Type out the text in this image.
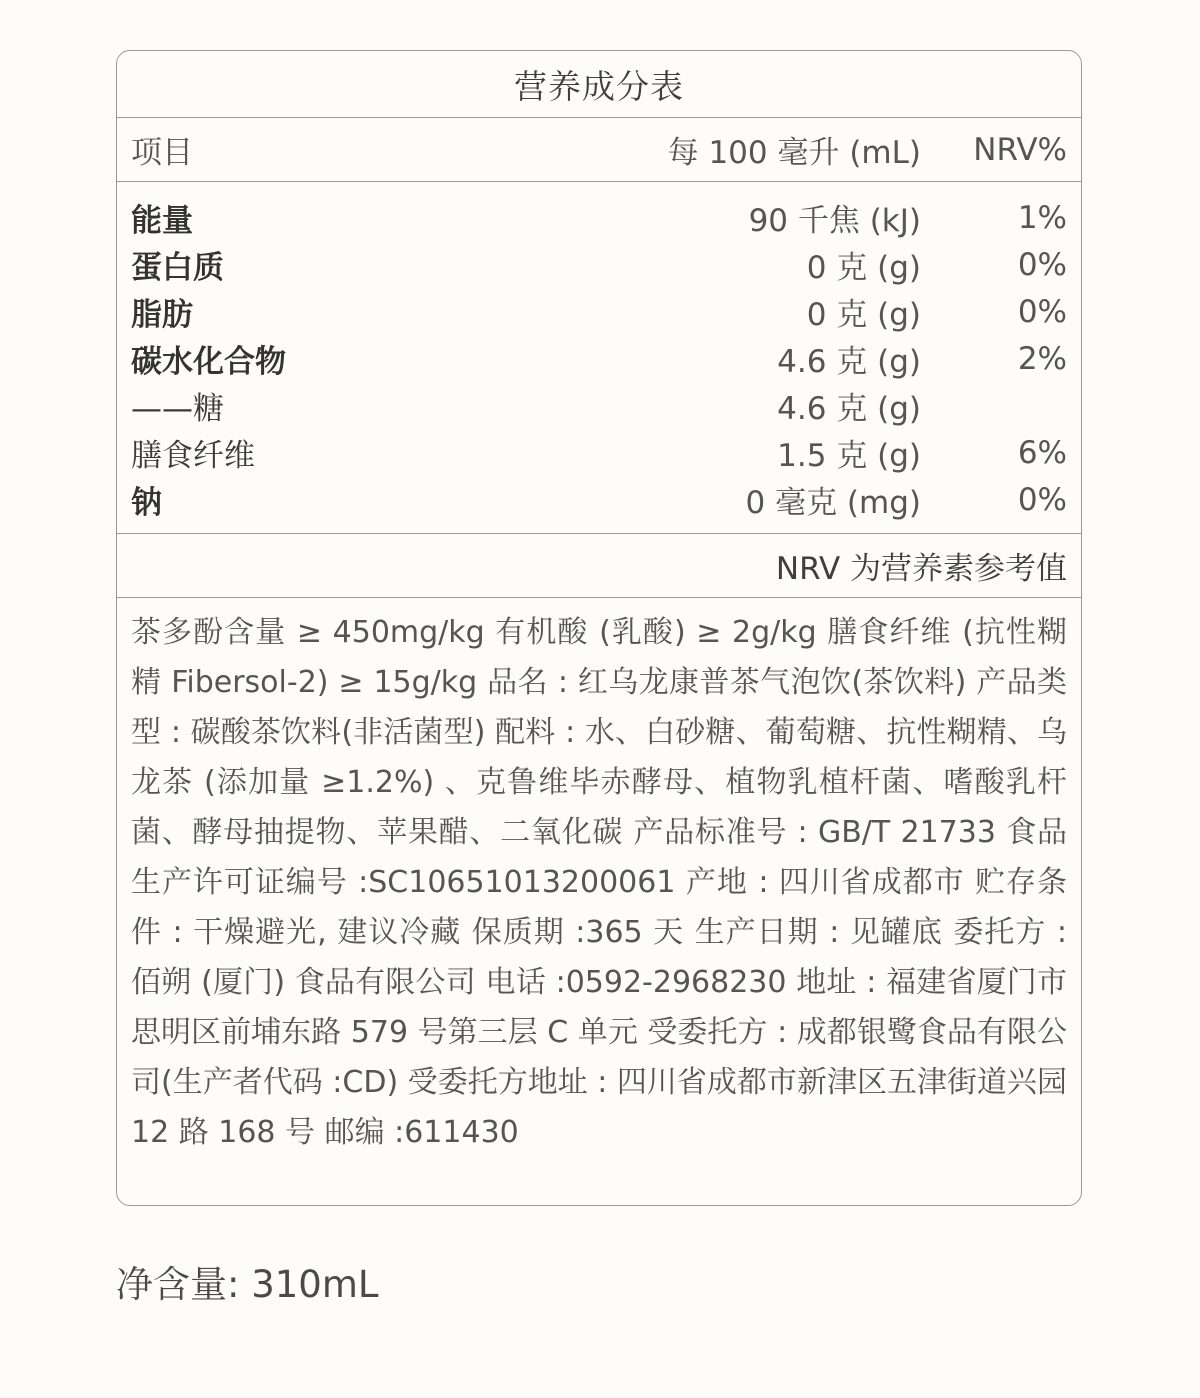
营养成分表
项目	每 100 毫升 (mL)	NRV%
能量	90 千焦 (kJ)	1%
蛋白质	0 克 (g)	0%
脂肪	0 克 (g)	0%
碳水化合物	4.6 克 (g)	2%
——糖	4.6 克 (g)
膳食纤维	1.5 克 (g)	6%
钠	0 毫克 (mg)	0%
NRV 为营养素参考值

茶多酚含量 ≥ 450mg/kg 有机酸 (乳酸) ≥ 2g/kg 膳食纤维 (抗性糊精 Fibersol-2) ≥ 15g/kg 品名 : 红乌龙康普茶气泡饮(茶饮料) 产品类型 : 碳酸茶饮料(非活菌型) 配料 : 水、白砂糖、葡萄糖、抗性糊精、乌龙茶 (添加量 ≥1.2%) 、克鲁维毕赤酵母、植物乳植杆菌、嗜酸乳杆菌、酵母抽提物、苹果醋、二氧化碳 产品标准号 : GB/T 21733 食品生产许可证编号 :SC10651013200061 产地 : 四川省成都市 贮存条件 : 干燥避光, 建议冷藏 保质期 :365 天 生产日期 : 见罐底 委托方 : 佰朔 (厦门) 食品有限公司 电话 :0592-2968230 地址 : 福建省厦门市思明区前埔东路 579 号第三层 C 单元 受委托方 : 成都银鹭食品有限公司(生产者代码 :CD) 受委托方地址 : 四川省成都市新津区五津街道兴园 12 路 168 号 邮编 :611430

净含量: 310mL
